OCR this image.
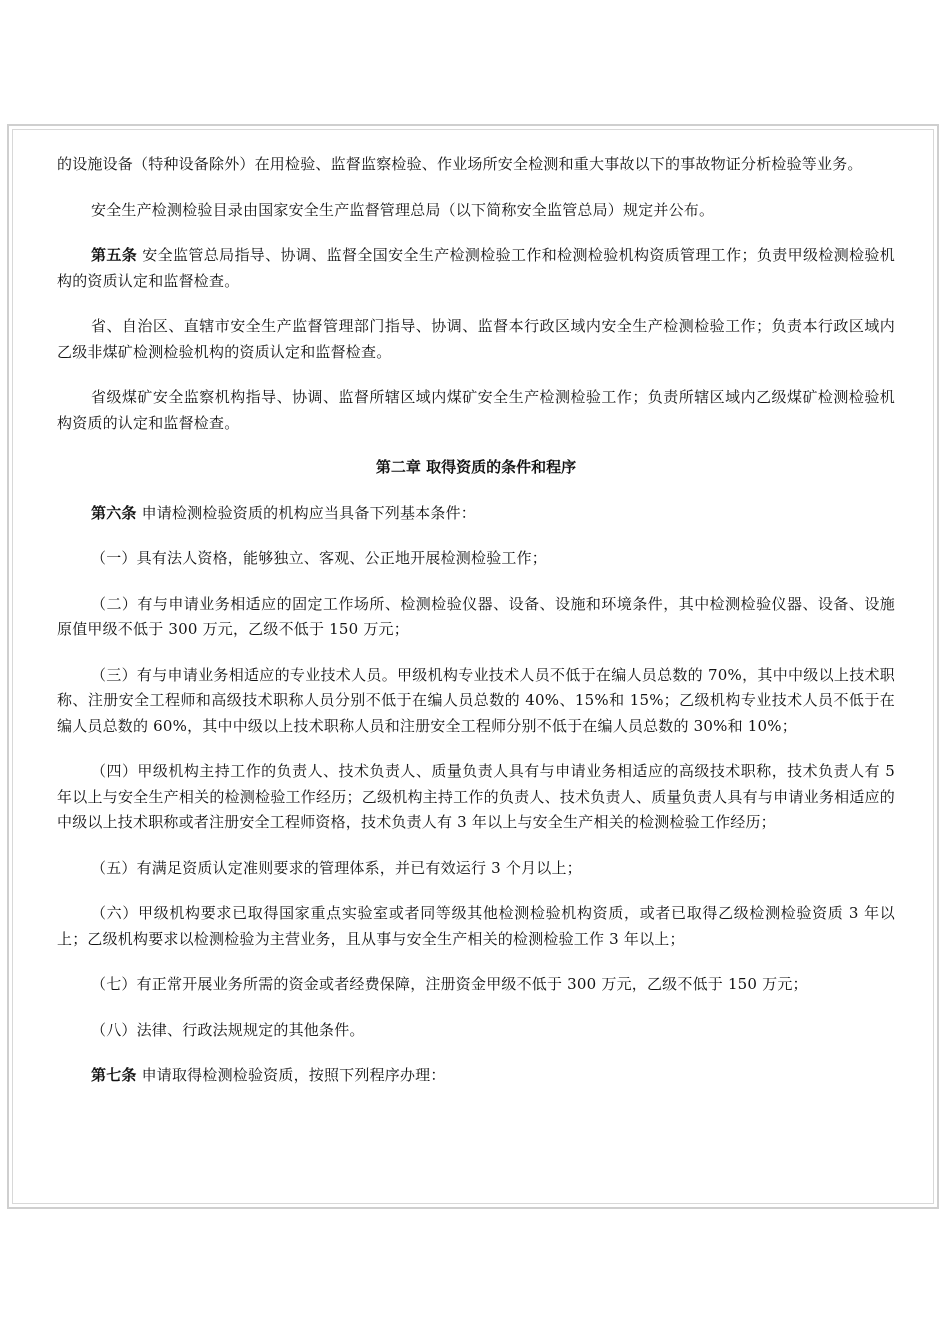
的设施设备（特种设备除外）在用检验、监督监察检验、作业场所安全检测和重大事故以下的事故物证分析检验等业务。

安全生产检测检验目录由国家安全生产监督管理总局（以下简称安全监管总局）规定并公布。

第五条 安全监管总局指导、协调、监督全国安全生产检测检验工作和检测检验机构资质管理工作；负责甲级检测检验机构的资质认定和监督检查。

省、自治区、直辖市安全生产监督管理部门指导、协调、监督本行政区域内安全生产检测检验工作；负责本行政区域内乙级非煤矿检测检验机构的资质认定和监督检查。

省级煤矿安全监察机构指导、协调、监督所辖区域内煤矿安全生产检测检验工作；负责所辖区域内乙级煤矿检测检验机构资质的认定和监督检查。

第二章 取得资质的条件和程序

第六条 申请检测检验资质的机构应当具备下列基本条件：

（一）具有法人资格，能够独立、客观、公正地开展检测检验工作；

（二）有与申请业务相适应的固定工作场所、检测检验仪器、设备、设施和环境条件，其中检测检验仪器、设备、设施原值甲级不低于 300 万元，乙级不低于 150 万元；

（三）有与申请业务相适应的专业技术人员。甲级机构专业技术人员不低于在编人员总数的 70%，其中中级以上技术职称、注册安全工程师和高级技术职称人员分别不低于在编人员总数的 40%、15%和 15%；乙级机构专业技术人员不低于在编人员总数的 60%，其中中级以上技术职称人员和注册安全工程师分别不低于在编人员总数的 30%和 10%；

（四）甲级机构主持工作的负责人、技术负责人、质量负责人具有与申请业务相适应的高级技术职称，技术负责人有 5 年以上与安全生产相关的检测检验工作经历；乙级机构主持工作的负责人、技术负责人、质量负责人具有与申请业务相适应的中级以上技术职称或者注册安全工程师资格，技术负责人有 3 年以上与安全生产相关的检测检验工作经历；

（五）有满足资质认定准则要求的管理体系，并已有效运行 3 个月以上；

（六）甲级机构要求已取得国家重点实验室或者同等级其他检测检验机构资质，或者已取得乙级检测检验资质 3 年以上；乙级机构要求以检测检验为主营业务，且从事与安全生产相关的检测检验工作 3 年以上；

（七）有正常开展业务所需的资金或者经费保障，注册资金甲级不低于 300 万元，乙级不低于 150 万元；

（八）法律、行政法规规定的其他条件。

第七条 申请取得检测检验资质，按照下列程序办理：
